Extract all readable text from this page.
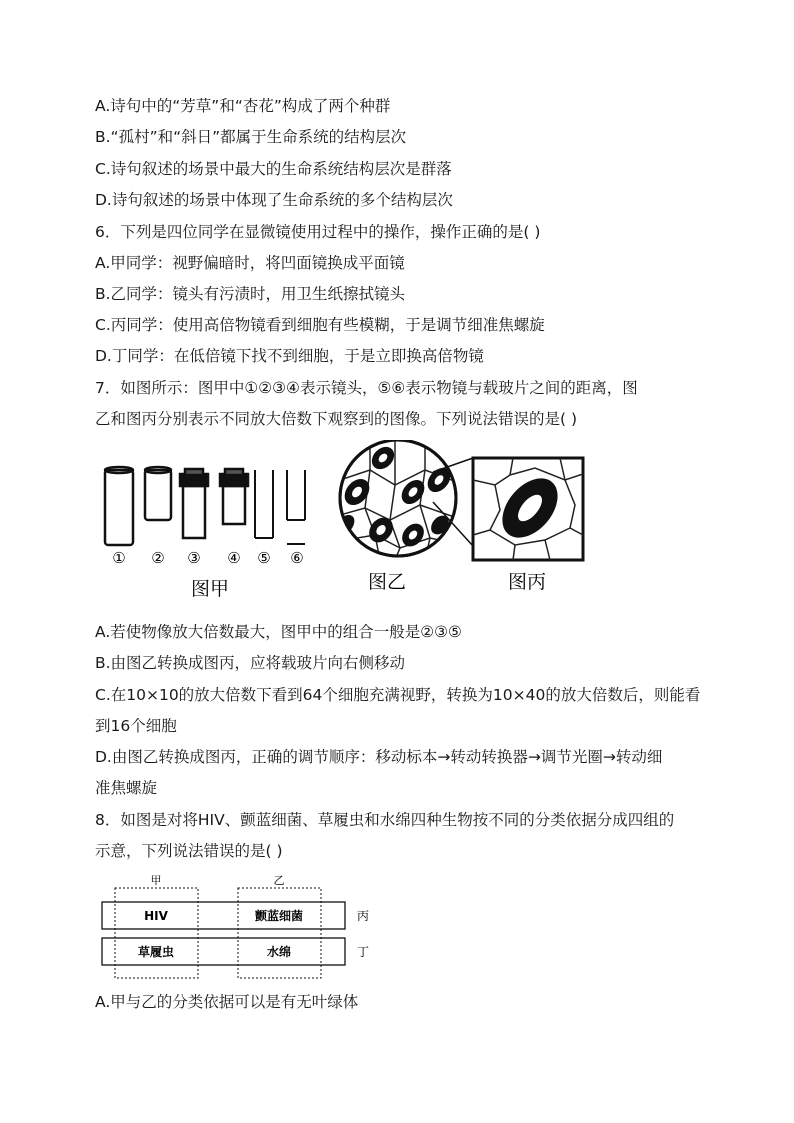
A.诗句中的“芳草”和“杏花”构成了两个种群
B.“孤村”和“斜日”都属于生命系统的结构层次
C.诗句叙述的场景中最大的生命系统结构层次是群落
D.诗句叙述的场景中体现了生命系统的多个结构层次
6．下列是四位同学在显微镜使用过程中的操作，操作正确的是( )
A.甲同学：视野偏暗时，将凹面镜换成平面镜
B.乙同学：镜头有污渍时，用卫生纸擦拭镜头
C.丙同学：使用高倍物镜看到细胞有些模糊，于是调节细准焦螺旋
D.丁同学：在低倍镜下找不到细胞，于是立即换高倍物镜
7．如图所示：图甲中①②③④表示镜头，⑤⑥表示物镜与载玻片之间的距离，图
乙和图丙分别表示不同放大倍数下观察到的图像。下列说法错误的是( )
① ② ③ ④ ⑤ ⑥
图甲	图乙	图丙
A.若使物像放大倍数最大，图甲中的组合一般是②③⑤
B.由图乙转换成图丙，应将载玻片向右侧移动
C.在10×10的放大倍数下看到64个细胞充满视野，转换为10×40的放大倍数后，则能看
到16个细胞
D.由图乙转换成图丙，正确的调节顺序：移动标本→转动转换器→调节光圈→转动细
准焦螺旋
8．如图是对将HIV、颤蓝细菌、草履虫和水绵四种生物按不同的分类依据分成四组的
示意，下列说法错误的是( )
甲	乙
丙
丁
HIV	颤蓝细菌
草履虫	水绵
A.甲与乙的分类依据可以是有无叶绿体
